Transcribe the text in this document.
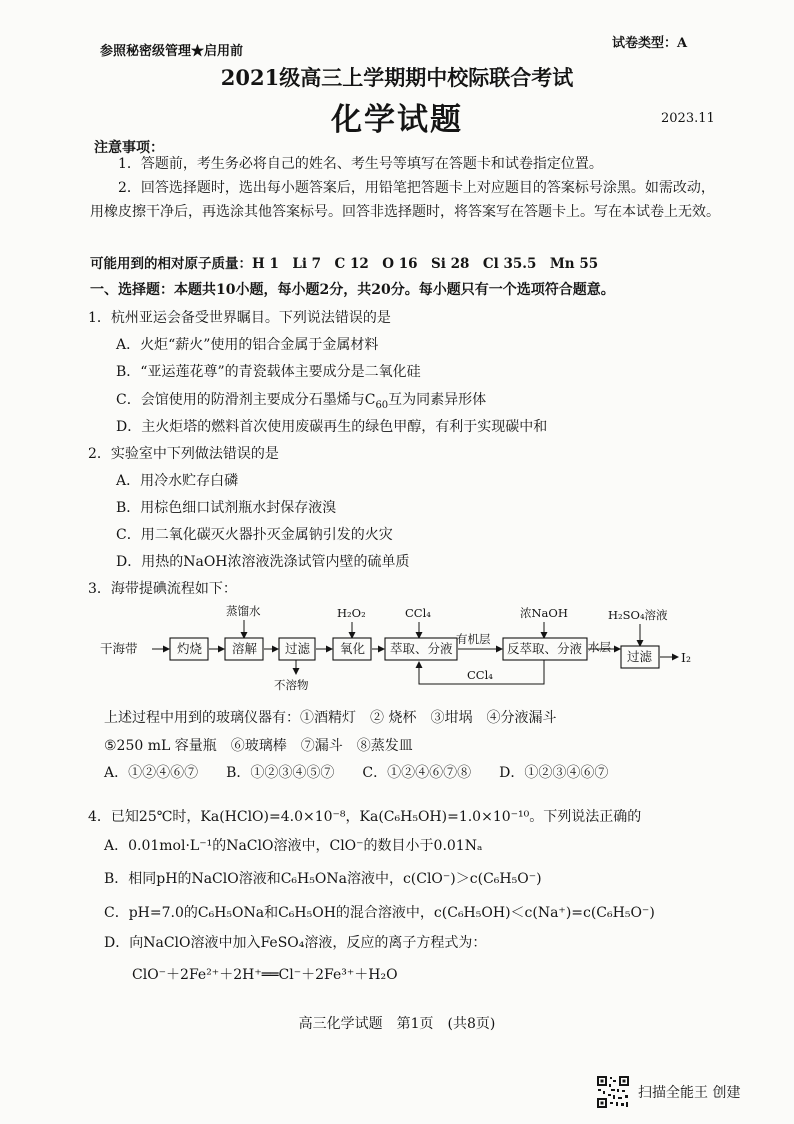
参照秘密级管理★启用前
试卷类型：A
2021级高三上学期期中校际联合考试
化学试题	2023.11
注意事项：
1．答题前，考生务必将自己的姓名、考生号等填写在答题卡和试卷指定位置。
2．回答选择题时，选出每小题答案后，用铅笔把答题卡上对应题目的答案标号涂黑。如需改动，用橡皮擦干净后，再选涂其他答案标号。回答非选择题时，将答案写在答题卡上。写在本试卷上无效。
可能用到的相对原子质量：H 1　Li 7　C 12　O 16　Si 28　Cl 35.5　Mn 55
一、选择题：本题共10小题，每小题2分，共20分。每小题只有一个选项符合题意。
1．杭州亚运会备受世界瞩目。下列说法错误的是
A．火炬“薪火”使用的铝合金属于金属材料
B．“亚运莲花尊”的青瓷载体主要成分是二氧化硅
C．会馆使用的防滑剂主要成分石墨烯与$C_{60}$互为同素异形体
D．主火炬塔的燃料首次使用废碳再生的绿色甲醇，有利于实现碳中和
2．实验室中下列做法错误的是
A．用冷水贮存白磷
B．用棕色细口试剂瓶水封保存液溴
C．用二氧化碳灭火器扑灭金属钠引发的火灾
D．用热的NaOH浓溶液洗涤试管内壁的硫单质
3．海带提碘流程如下：
干海带	灼烧 溶解 过滤 氧化 萃取、分液	反萃取、分液
过滤
蒸馏水	H₂O₂	CCl₄	浓NaOH	H₂SO₄溶液
不溶物
有机层
水层
CCl₄
I₂
上述过程中用到的玻璃仪器有：①酒精灯　② 烧杯　③坩埚　④分液漏斗
⑤250 mL 容量瓶　⑥玻璃棒　⑦漏斗　⑧蒸发皿
A．①②④⑥⑦　　B．①②③④⑤⑦　　C．①②④⑥⑦⑧　　D．①②③④⑥⑦
4．已知25℃时，Ka(HClO)=4.0×10⁻⁸，Ka(C₆H₅OH)=1.0×10⁻¹⁰。下列说法正确的
A．0.01mol·L⁻¹的NaClO溶液中，ClO⁻的数目小于0.01Nₐ
B．相同pH的NaClO溶液和C₆H₅ONa溶液中，c(ClO⁻)＞c(C₆H₅O⁻)
C．pH=7.0的C₆H₅ONa和C₆H₅OH的混合溶液中，c(C₆H₅OH)＜c(Na⁺)=c(C₆H₅O⁻)
D．向NaClO溶液中加入FeSO₄溶液，反应的离子方程式为：
ClO⁻＋2Fe²⁺＋2H⁺══Cl⁻＋2Fe³⁺＋H₂O
高三化学试题　第1页　(共8页)
扫描全能王 创建
